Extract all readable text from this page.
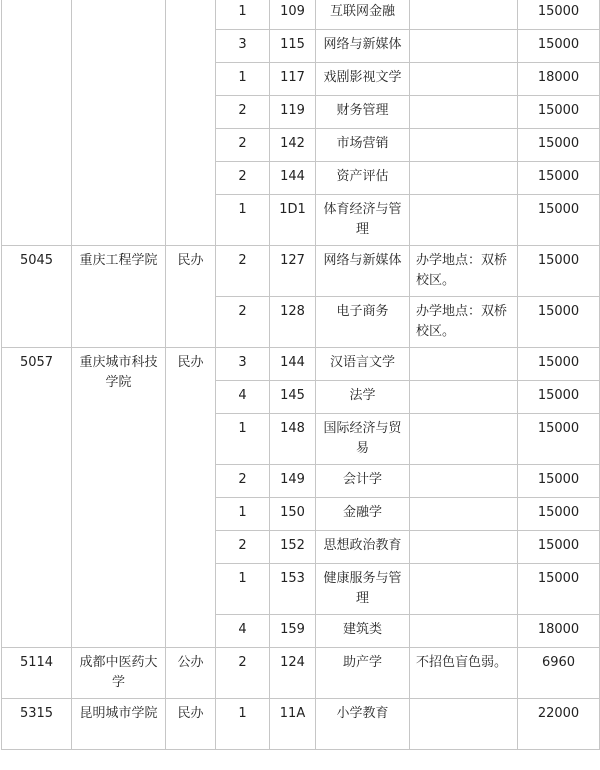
			1	109	互联网金融		15000
			3	115	网络与新媒体		15000
			1	117	戏剧影视文学		18000
			2	119	财务管理		15000
			2	142	市场营销		15000
			2	144	资产评估		15000
			1	1D1	体育经济与管理		15000
5045	重庆工程学院	民办	2	127	网络与新媒体	办学地点：双桥校区。	15000
			2	128	电子商务	办学地点：双桥校区。	15000
5057	重庆城市科技学院	民办	3	144	汉语言文学		15000
			4	145	法学		15000
			1	148	国际经济与贸易		15000
			2	149	会计学		15000
			1	150	金融学		15000
			2	152	思想政治教育		15000
			1	153	健康服务与管理		15000
			4	159	建筑类		18000
5114	成都中医药大学	公办	2	124	助产学	不招色盲色弱。	6960
5315	昆明城市学院	民办	1	11A	小学教育		22000
